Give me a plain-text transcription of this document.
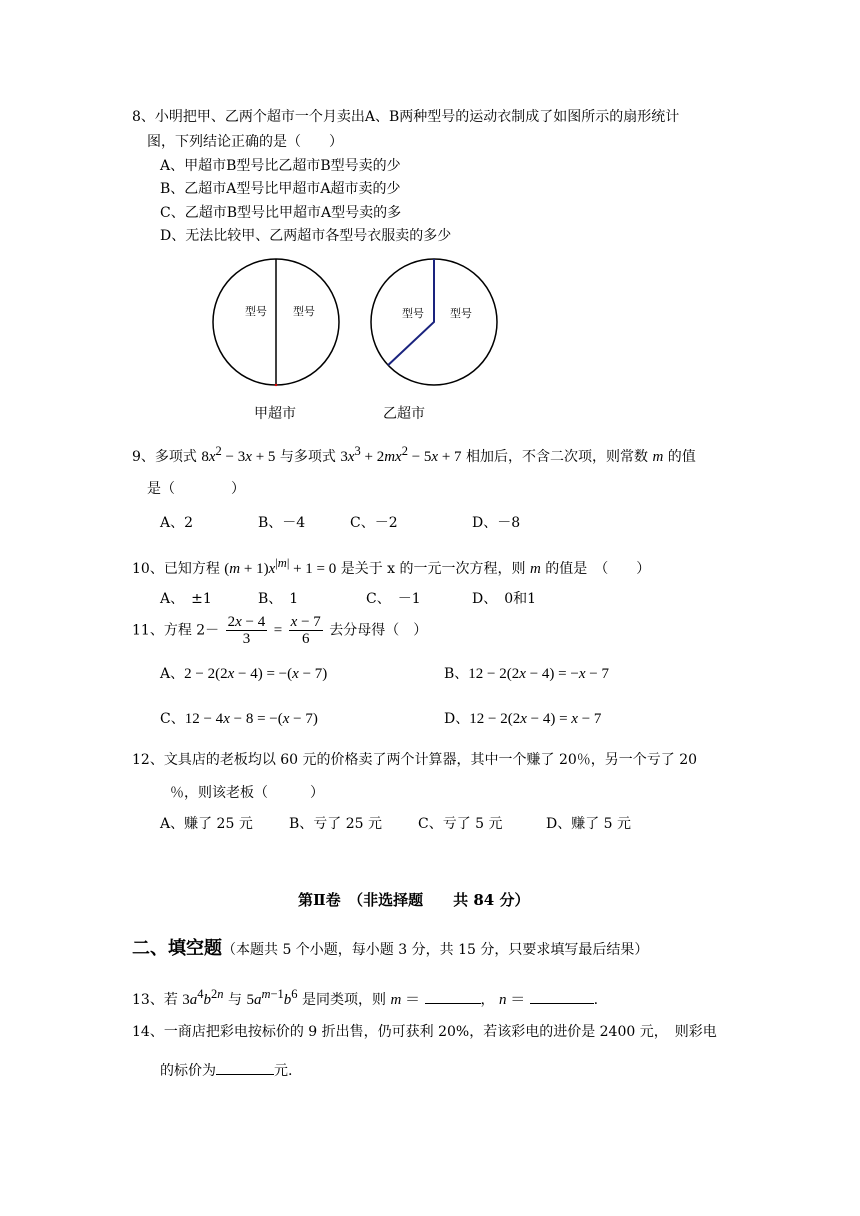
8、小明把甲、乙两个超市一个月卖出A、B两种型号的运动衣制成了如图所示的扇形统计
图，下列结论正确的是（　　）
A、甲超市B型号比乙超市B型号卖的少
B、乙超市A型号比甲超市A超市卖的少
C、乙超市B型号比甲超市A型号卖的多
D、无法比较甲、乙两超市各型号衣服卖的多少
型号 型号	型号 型号
甲超市	乙超市
9、多项式 $8x^2 - 3x + 5$ 与多项式 $3x^3 + 2mx^2 - 5x + 7$ 相加后，不含二次项，则常数 m 的值
是（　　　　）
A、2	B、－4	C、－2	D、－8
10、已知方程 $(m + 1)x^{|m|} + 1 = 0$ 是关于 x 的一元一次方程，则 m 的值是　（　　）
A、　±1	B、　1	C、　－1	D、　0和1
11、方程 $2- \frac{2x - 4}{3} = \frac{x - 7}{6}$ 去分母得（　）
A、2 − 2(2x − 4) = −(x − 7)	B、12 − 2(2x − 4) = −x − 7
C、12 − 4x − 8 = −(x − 7)	D、12 − 2(2x − 4) = x − 7
12、文具店的老板均以 60 元的价格卖了两个计算器，其中一个赚了 20％，另一个亏了 20
％，则该老板（　　　）
A、赚了 25 元	B、亏了 25 元	C、亏了 5 元	D、赚了 5 元
第Ⅱ卷　（非选择题　　共 84 分）
二、填空题（本题共 5 个小题，每小题 3 分，共 15 分，只要求填写最后结果）
13、若 $3a^4b^{2n}$ 与 $5a^{m-1}b^6$ 是同类项，则 m ＝	， n ＝	.
14、一商店把彩电按标价的 9 折出售，仍可获利 20%，若该彩电的进价是 2400 元，　则彩电
的标价为	元.
